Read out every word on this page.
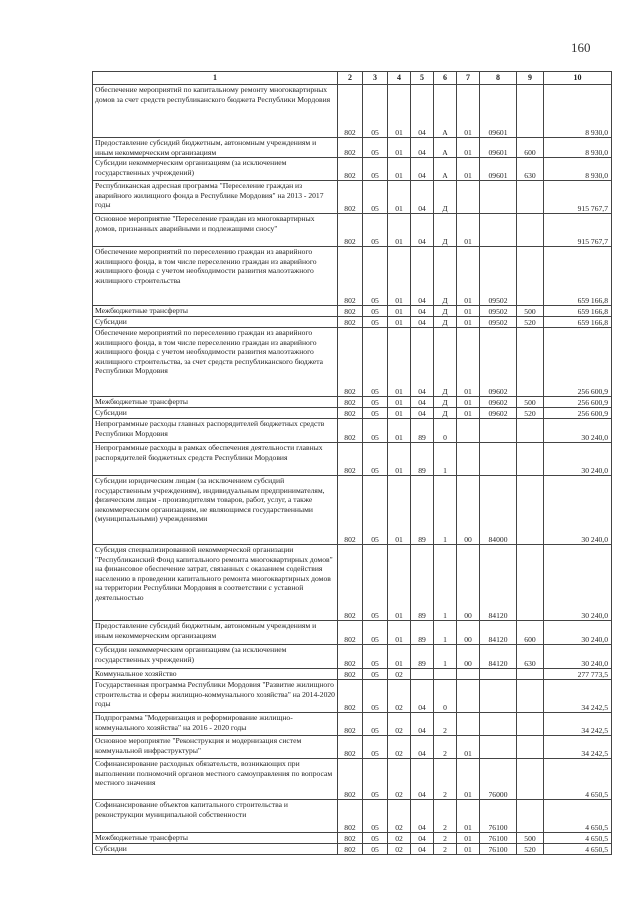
160
1	2	3	4	5	6	7	8	9	10

Обеспечение мероприятий по капитальному ремонту многоквартирных домов за счет средств республиканского бюджета Республики Мордовия	802	05	01	04	А	01	09601		8 930,0

Предоставление субсидий бюджетным, автономным учреждениям и иным некоммерческим организациям	802	05	01	04	А	01	09601	600	8 930,0

Субсидии некоммерческим организациям (за исключением государственных учреждений)	802	05	01	04	А	01	09601	630	8 930,0

Республиканская адресная программа "Переселение граждан из аварийного жилищного фонда в Республике Мордовия" на 2013 - 2017 годы	802	05	01	04	Д				915 767,7

Основное мероприятие "Переселение граждан из многоквартирных домов, признанных аварийными и подлежащими сносу"	802	05	01	04	Д	01			915 767,7

Обеспечение мероприятий по переселению граждан из аварийного жилищного фонда, в том числе переселению граждан из аварийного жилищного фонда с учетом необходимости развития малоэтажного жилищного строительства	802	05	01	04	Д	01	09502		659 166,8

Межбюджетные трансферты	802	05	01	04	Д	01	09502	500	659 166,8

Субсидии	802	05	01	04	Д	01	09502	520	659 166,8

Обеспечение мероприятий по переселению граждан из аварийного жилищного фонда, в том числе переселению граждан из аварийного жилищного фонда с учетом необходимости развития малоэтажного жилищного строительства, за счет средств республиканского бюджета Республики Мордовия	802	05	01	04	Д	01	09602		256 600,9

Межбюджетные трансферты	802	05	01	04	Д	01	09602	500	256 600,9

Субсидии	802	05	01	04	Д	01	09602	520	256 600,9

Непрограммные расходы главных распорядителей бюджетных средств Республики Мордовия	802	05	01	89	0				30 240,0

Непрограммные расходы в рамках обеспечения деятельности главных распорядителей бюджетных средств Республики Мордовия	802	05	01	89	1				30 240,0

Субсидии юридическим лицам (за исключением субсидий государственным учреждениям), индивидуальным предпринимателям, физическим лицам - производителям товаров, работ, услуг, а также некоммерческим организациям, не являющимся государственными (муниципальными) учреждениями	802	05	01	89	1	00	84000		30 240,0

Субсидия специализированной некоммерческой организации "Республиканский Фонд капитального ремонта многоквартирных домов" на финансовое обеспечение затрат, связанных с оказанием содействия населению в проведении капитального ремонта многоквартирных домов на территории Республики Мордовия в соответствии с уставной деятельностью	802	05	01	89	1	00	84120		30 240,0

Предоставление субсидий бюджетным, автономным учреждениям и иным некоммерческим организациям	802	05	01	89	1	00	84120	600	30 240,0

Субсидии некоммерческим организациям (за исключением государственных учреждений)	802	05	01	89	1	00	84120	630	30 240,0

Коммунальное хозяйство	802	05	02						277 773,5

Государственная программа Республики Мордовия "Развитие жилищного строительства и сферы жилищно-коммунального хозяйства" на 2014-2020 годы	802	05	02	04	0				34 242,5

Подпрограмма "Модернизация и реформирование жилищно-коммунального хозяйства" на 2016 - 2020 годы	802	05	02	04	2				34 242,5

Основное мероприятие "Реконструкция и модернизация систем коммунальной инфраструктуры"	802	05	02	04	2	01			34 242,5

Софинансирование расходных обязательств, возникающих при выполнении полномочий органов местного самоуправления по вопросам местного значения	802	05	02	04	2	01	76000		4 650,5

Софинансирование объектов капитального строительства и реконструкции муниципальной собственности	802	05	02	04	2	01	76100		4 650,5

Межбюджетные трансферты	802	05	02	04	2	01	76100	500	4 650,5

Субсидии	802	05	02	04	2	01	76100	520	4 650,5
